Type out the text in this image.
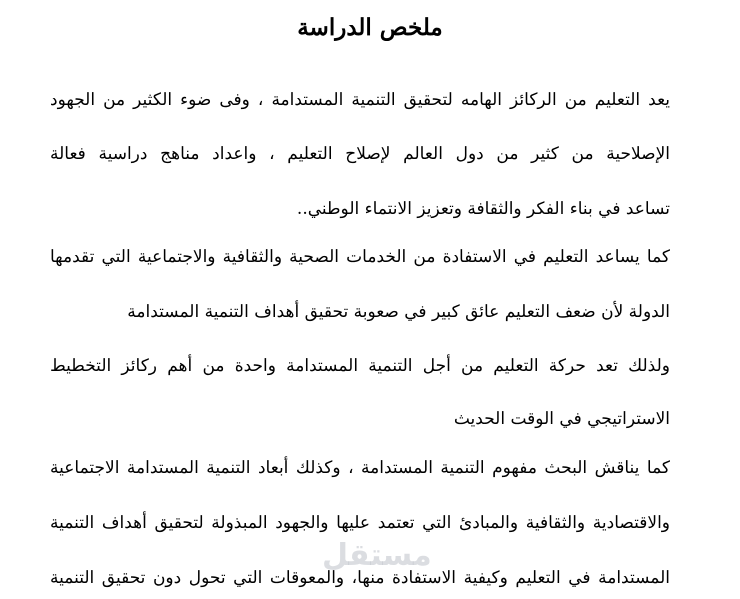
ملخص الدراسة
يعد التعليم من الركائز الهامه لتحقيق التنمية المستدامة ، وفى ضوء الكثير من الجهود
الإصلاحية من كثير من دول العالم لإصلاح التعليم ، واعداد مناهج دراسية فعالة
تساعد في بناء الفكر والثقافة وتعزيز الانتماء الوطني..
كما يساعد التعليم في الاستفادة من الخدمات الصحية والثقافية والاجتماعية التي تقدمها
الدولة لأن ضعف التعليم عائق كبير في صعوبة تحقيق أهداف التنمية المستدامة
ولذلك تعد حركة التعليم من أجل التنمية المستدامة واحدة من أهم ركائز التخطيط
الاستراتيجي في الوقت الحديث
كما يناقش البحث مفهوم التنمية المستدامة ، وكذلك أبعاد التنمية المستدامة الاجتماعية
والاقتصادية والثقافية والمبادئ التي تعتمد عليها والجهود المبذولة لتحقيق أهداف التنمية
المستدامة في التعليم وكيفية الاستفادة منها، والمعوقات التي تحول دون تحقيق التنمية
مستقل
